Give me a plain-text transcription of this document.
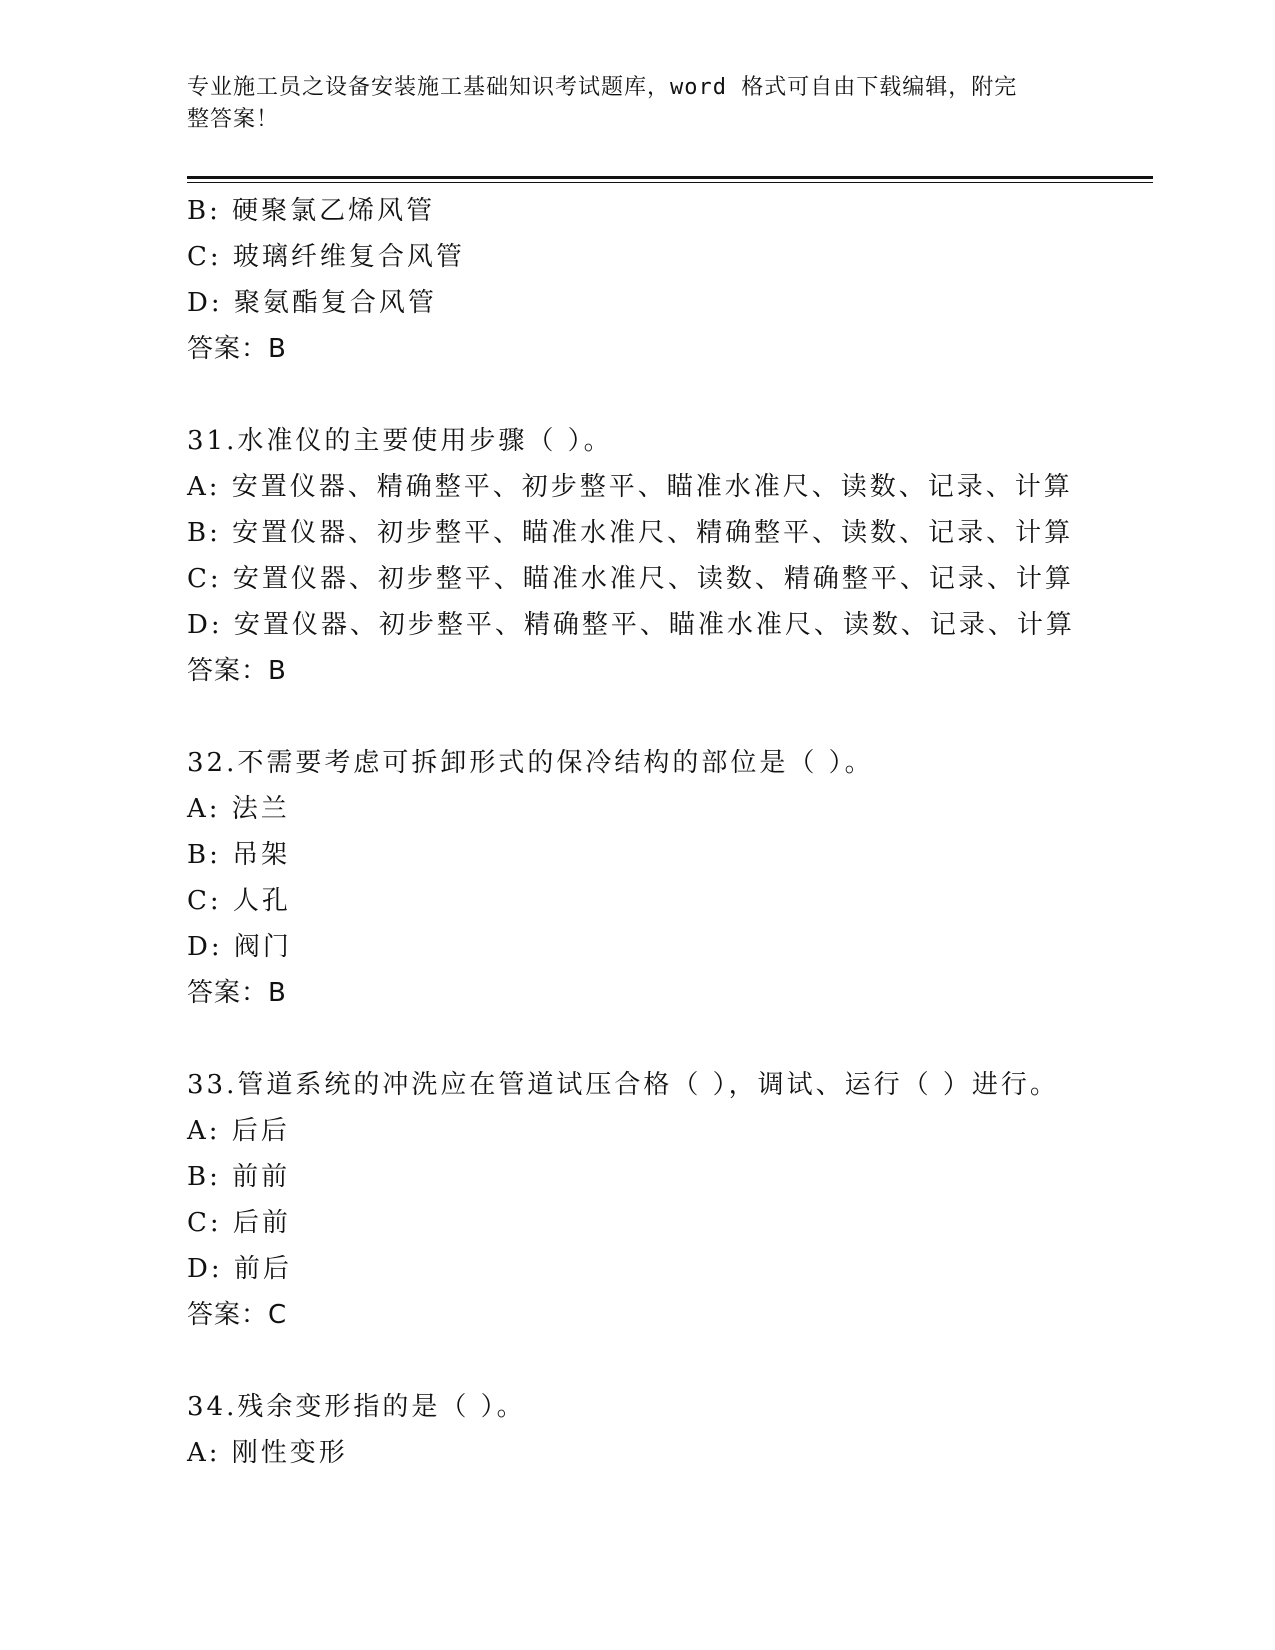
专业施工员之设备安装施工基础知识考试题库，word 格式可自由下载编辑，附完
整答案！
B: 硬聚氯乙烯风管
C: 玻璃纤维复合风管
D: 聚氨酯复合风管
答案：B
31.水准仪的主要使用步骤（ ）。
A: 安置仪器、精确整平、初步整平、瞄准水准尺、读数、记录、计算
B: 安置仪器、初步整平、瞄准水准尺、精确整平、读数、记录、计算
C: 安置仪器、初步整平、瞄准水准尺、读数、精确整平、记录、计算
D: 安置仪器、初步整平、精确整平、瞄准水准尺、读数、记录、计算
答案：B
32.不需要考虑可拆卸形式的保冷结构的部位是（ ）。
A: 法兰
B: 吊架
C: 人孔
D: 阀门
答案：B
33.管道系统的冲洗应在管道试压合格（ ），调试、运行（ ）进行。
A: 后后
B: 前前
C: 后前
D: 前后
答案：C
34.残余变形指的是（ ）。
A: 刚性变形
